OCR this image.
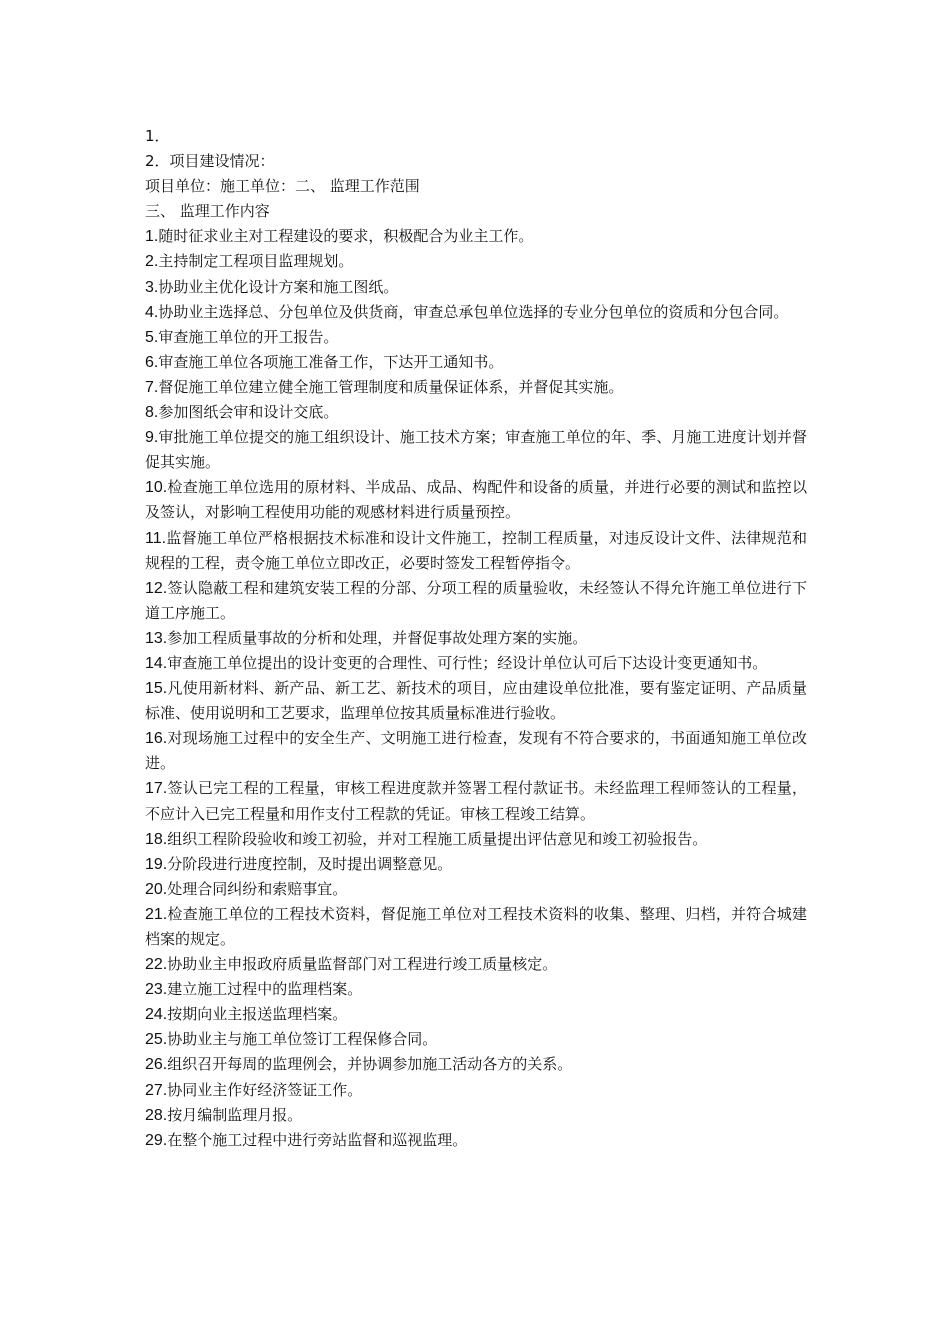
1．

2．项目建设情况：

项目单位：施工单位：二、 监理工作范围

三、 监理工作内容

1.随时征求业主对工程建设的要求，积极配合为业主工作。

2.主持制定工程项目监理规划。

3.协助业主优化设计方案和施工图纸。

4.协助业主选择总、分包单位及供货商，审查总承包单位选择的专业分包单位的资质和分包合同。

5.审查施工单位的开工报告。

6.审查施工单位各项施工准备工作，下达开工通知书。

7.督促施工单位建立健全施工管理制度和质量保证体系，并督促其实施。

8.参加图纸会审和设计交底。

9.审批施工单位提交的施工组织设计、施工技术方案；审查施工单位的年、季、月施工进度计划并督促其实施。

10.检查施工单位选用的原材料、半成品、成品、构配件和设备的质量，并进行必要的测试和监控以及签认，对影响工程使用功能的观感材料进行质量预控。

11.监督施工单位严格根据技术标准和设计文件施工，控制工程质量，对违反设计文件、法律规范和规程的工程，责令施工单位立即改正，必要时签发工程暂停指令。

12.签认隐蔽工程和建筑安装工程的分部、分项工程的质量验收，未经签认不得允许施工单位进行下道工序施工。

13.参加工程质量事故的分析和处理，并督促事故处理方案的实施。

14.审查施工单位提出的设计变更的合理性、可行性；经设计单位认可后下达设计变更通知书。

15.凡使用新材料、新产品、新工艺、新技术的项目，应由建设单位批准，要有鉴定证明、产品质量标准、使用说明和工艺要求，监理单位按其质量标准进行验收。

16.对现场施工过程中的安全生产、文明施工进行检查，发现有不符合要求的，书面通知施工单位改进。

17.签认已完工程的工程量，审核工程进度款并签署工程付款证书。未经监理工程师签认的工程量，不应计入已完工程量和用作支付工程款的凭证。审核工程竣工结算。

18.组织工程阶段验收和竣工初验，并对工程施工质量提出评估意见和竣工初验报告。

19.分阶段进行进度控制，及时提出调整意见。

20.处理合同纠纷和索赔事宜。

21.检查施工单位的工程技术资料，督促施工单位对工程技术资料的收集、整理、归档，并符合城建档案的规定。

22.协助业主申报政府质量监督部门对工程进行竣工质量核定。

23.建立施工过程中的监理档案。

24.按期向业主报送监理档案。

25.协助业主与施工单位签订工程保修合同。

26.组织召开每周的监理例会，并协调参加施工活动各方的关系。

27.协同业主作好经济签证工作。

28.按月编制监理月报。

29.在整个施工过程中进行旁站监督和巡视监理。
